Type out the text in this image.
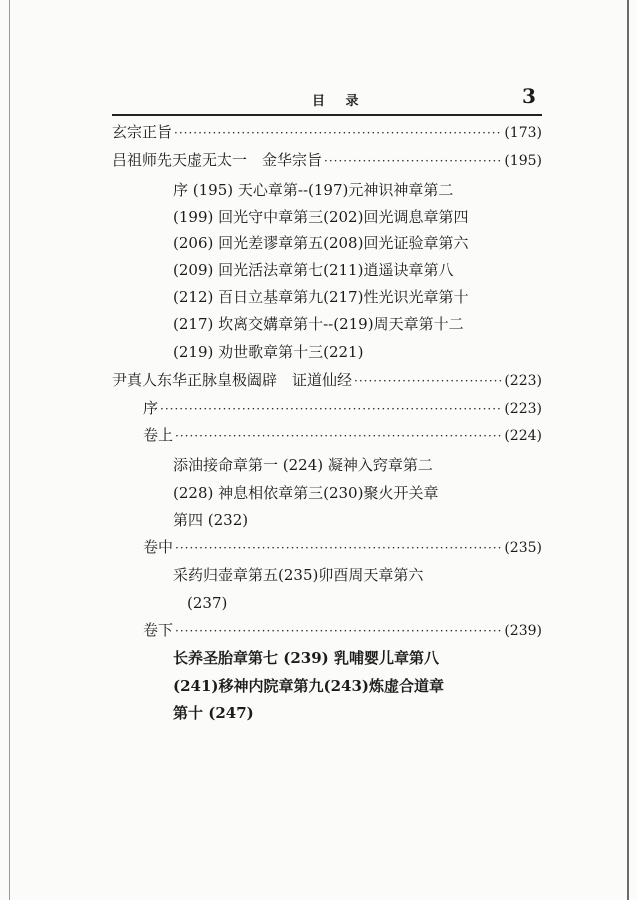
目 录	3
玄宗正旨 ·····	(173)
吕祖师先天虚无太一　金华宗旨 ·····	(195)
序 (195) 天心章第--(197)元神识神章第二
(199) 回光守中章第三(202)回光调息章第四
(206) 回光差谬章第五(208)回光证验章第六
(209) 回光活法章第七(211)逍遥诀章第八
(212) 百日立基章第九(217)性光识光章第十
(217) 坎离交媾章第十--(219)周天章第十二
(219) 劝世歌章第十三(221)
尹真人东华正脉皇极阖辟　证道仙经 ·····	(223)
序 ·····	(223)
卷上 ·····	(224)
添油接命章第一 (224) 凝神入窍章第二
(228) 神息相依章第三(230)聚火开关章
第四 (232)
卷中 ·····	(235)
采药归壶章第五(235)卯酉周天章第六
(237)
卷下 ·····	(239)
长养圣胎章第七 (239) 乳哺婴儿章第八
(241)移神内院章第九(243)炼虚合道章
第十 (247)
